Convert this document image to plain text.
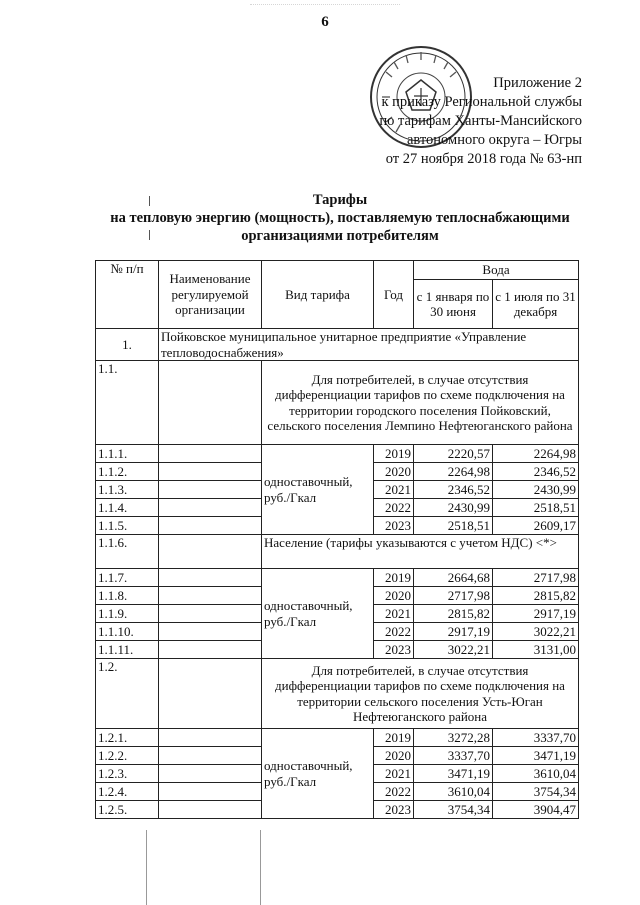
6
Приложение 2
к приказу Региональной службы
по тарифам Ханты-Мансийского
автономного округа – Югры
от 27 ноября 2018 года № 63-нп
Тарифы
на тепловую энергию (мощность), поставляемую теплоснабжающими
организациями потребителям
№ п/п	Наименование регулируемой организации	Вид тарифа	Год	Вода	
				с 1 января по 30 июня	с 1 июля по 31 декабря
1.	Пойковское муниципальное унитарное предприятие «Управление тепловодоснабжения»				
1.1.		Для потребителей, в случае отсутствия дифференциации тарифов по схеме подключения на территории городского поселения Пойковский, сельского поселения Лемпино Нефтеюганского района			
1.1.1.		одноставочный, руб./Гкал	2019	2220,57	2264,98
1.1.2.			2020	2264,98	2346,52
1.1.3.			2021	2346,52	2430,99
1.1.4.			2022	2430,99	2518,51
1.1.5.			2023	2518,51	2609,17
1.1.6.		Население (тарифы указываются с учетом НДС) <*>			
1.1.7.		одноставочный, руб./Гкал	2019	2664,68	2717,98
1.1.8.			2020	2717,98	2815,82
1.1.9.			2021	2815,82	2917,19
1.1.10.			2022	2917,19	3022,21
1.1.11.			2023	3022,21	3131,00
1.2.		Для потребителей, в случае отсутствия дифференциации тарифов по схеме подключения на территории сельского поселения Усть-Юган Нефтеюганского района			
1.2.1.		одноставочный, руб./Гкал	2019	3272,28	3337,70
1.2.2.			2020	3337,70	3471,19
1.2.3.			2021	3471,19	3610,04
1.2.4.			2022	3610,04	3754,34
1.2.5.			2023	3754,34	3904,47
